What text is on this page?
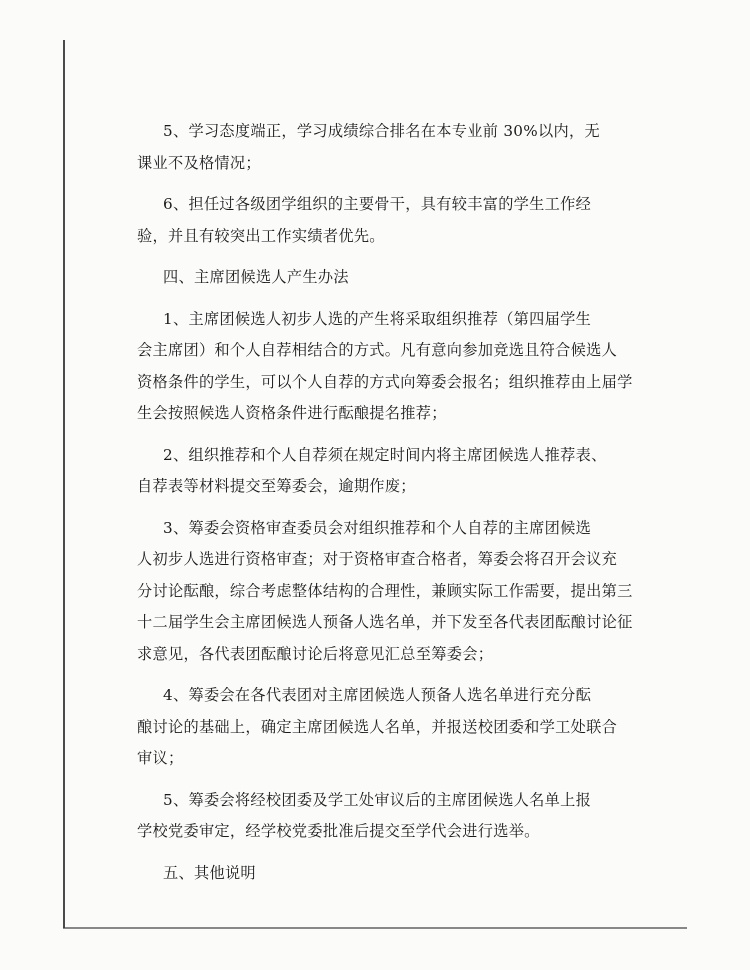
5、学习态度端正，学习成绩综合排名在本专业前 30%以内，无
课业不及格情况；

6、担任过各级团学组织的主要骨干，具有较丰富的学生工作经
验，并且有较突出工作实绩者优先。

四、主席团候选人产生办法

1、主席团候选人初步人选的产生将采取组织推荐（第四届学生
会主席团）和个人自荐相结合的方式。凡有意向参加竞选且符合候选人
资格条件的学生，可以个人自荐的方式向筹委会报名；组织推荐由上届学
生会按照候选人资格条件进行酝酿提名推荐；

2、组织推荐和个人自荐须在规定时间内将主席团候选人推荐表、
自荐表等材料提交至筹委会，逾期作废；

3、筹委会资格审查委员会对组织推荐和个人自荐的主席团候选
人初步人选进行资格审查；对于资格审查合格者，筹委会将召开会议充
分讨论酝酿，综合考虑整体结构的合理性，兼顾实际工作需要，提出第三
十二届学生会主席团候选人预备人选名单，并下发至各代表团酝酿讨论征
求意见，各代表团酝酿讨论后将意见汇总至筹委会；

4、筹委会在各代表团对主席团候选人预备人选名单进行充分酝
酿讨论的基础上，确定主席团候选人名单，并报送校团委和学工处联合
审议；

5、筹委会将经校团委及学工处审议后的主席团候选人名单上报
学校党委审定，经学校党委批准后提交至学代会进行选举。

五、其他说明
